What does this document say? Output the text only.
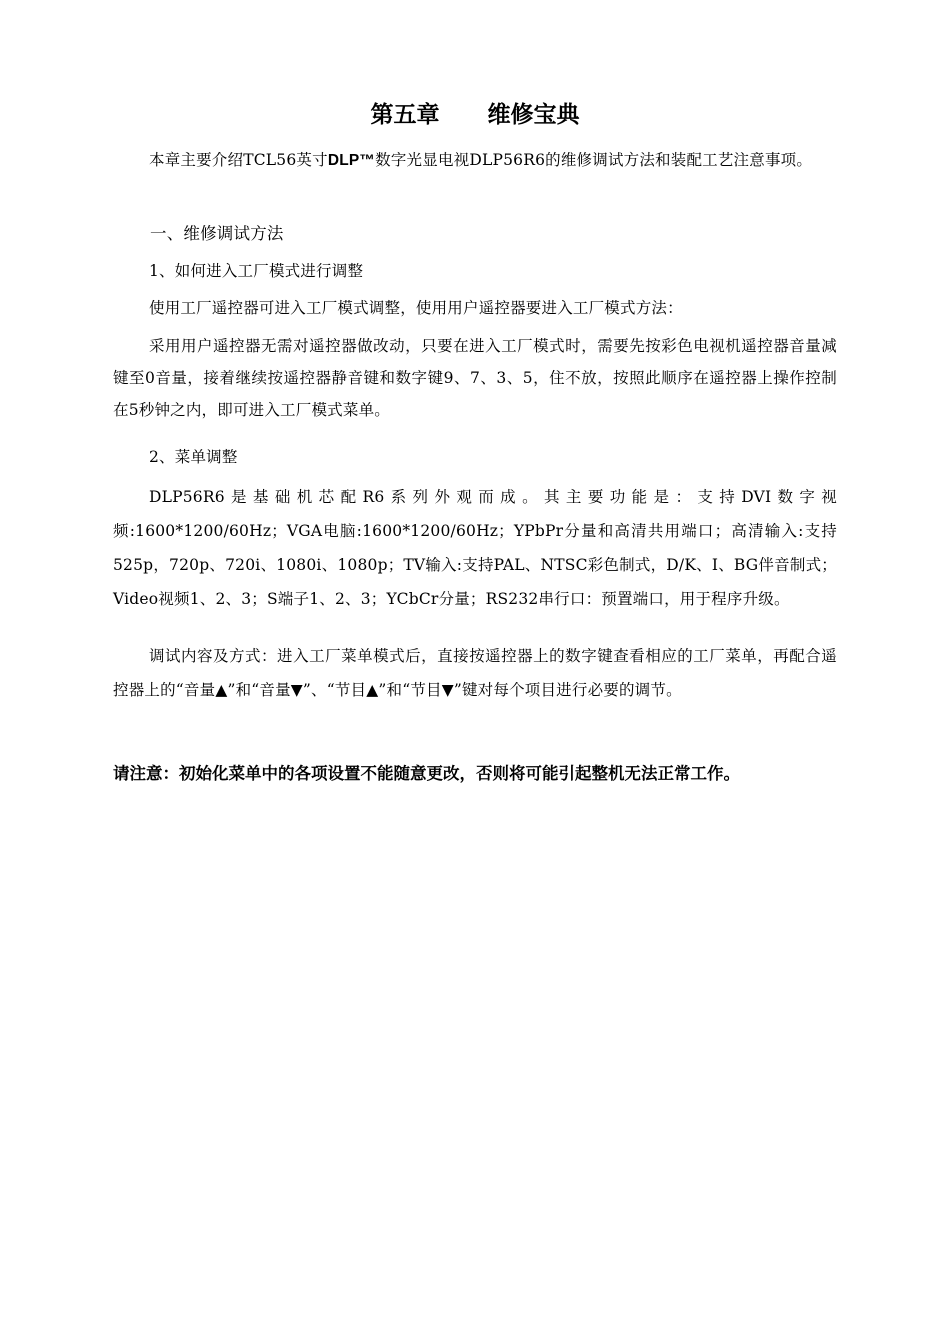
第五章 维修宝典
本章主要介绍TCL56英寸DLP™数字光显电视DLP56R6的维修调试方法和装配工艺注意事项。
一、维修调试方法
1、如何进入工厂模式进行调整
使用工厂遥控器可进入工厂模式调整，使用用户遥控器要进入工厂模式方法：
采用用户遥控器无需对遥控器做改动，只要在进入工厂模式时，需要先按彩色电视机遥控器音量减键至0音量，接着继续按遥控器静音键和数字键9、7、3、5，住不放，按照此顺序在遥控器上操作控制在5秒钟之内，即可进入工厂模式菜单。
2、菜单调整
DLP56R6是基础机芯配R6系列外观而成。其主要功能是：支持DVI数字视频:1600*1200/60Hz；VGA电脑:1600*1200/60Hz；YPbPr分量和高清共用端口；高清输入:支持525p，720p、720i、1080i、1080p；TV输入:支持PAL、NTSC彩色制式，D/K、I、BG伴音制式；Video视频1、2、3；S端子1、2、3；YCbCr分量；RS232串行口：预置端口，用于程序升级。
调试内容及方式：进入工厂菜单模式后，直接按遥控器上的数字键查看相应的工厂菜单，再配合遥控器上的“音量▲”和“音量▼”、“节目▲”和“节目▼”键对每个项目进行必要的调节。
请注意：初始化菜单中的各项设置不能随意更改，否则将可能引起整机无法正常工作。
